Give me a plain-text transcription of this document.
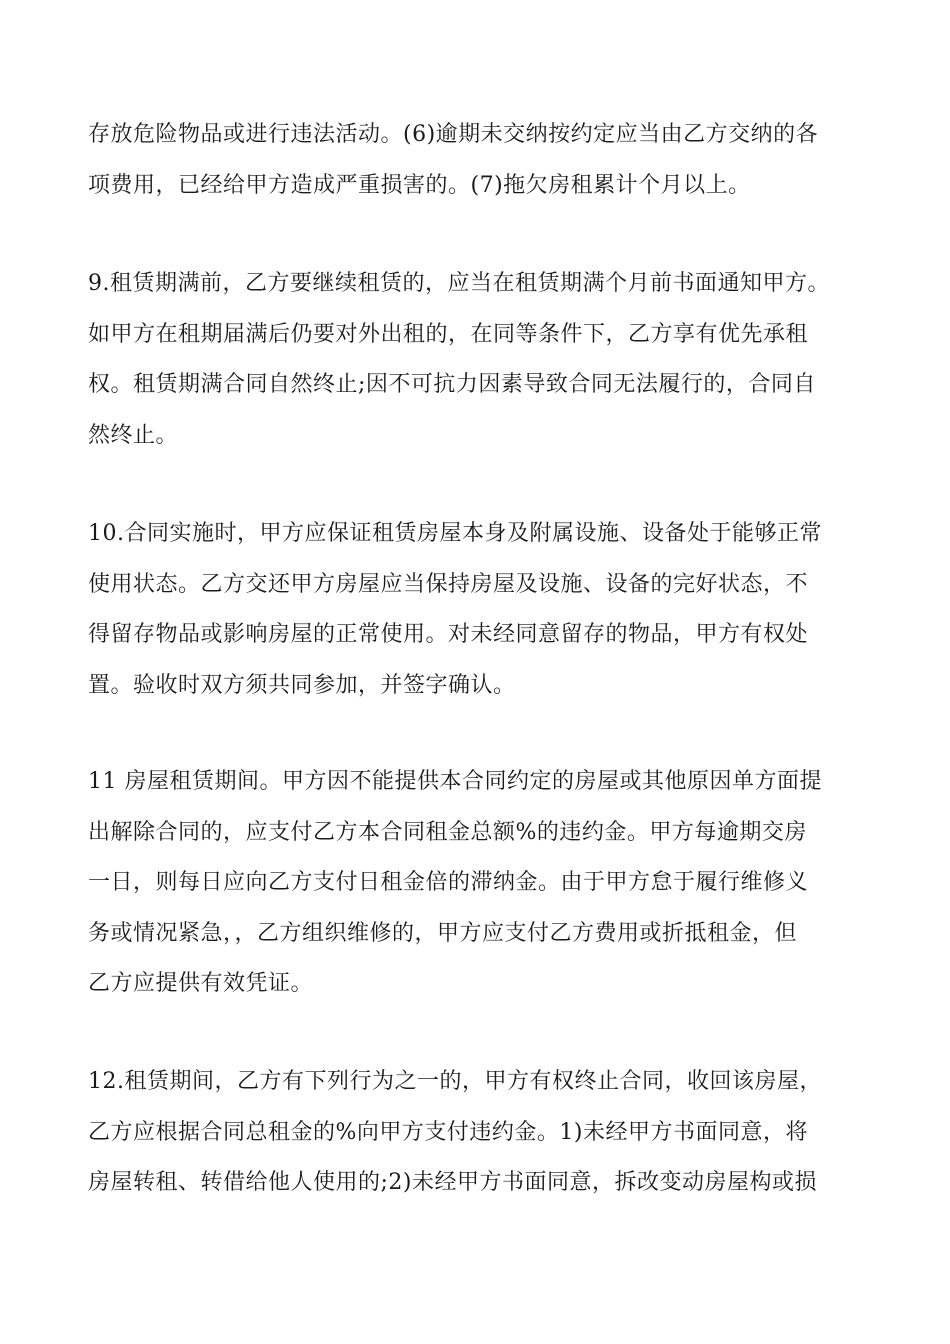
存放危险物品或进行违法活动。(6)逾期未交纳按约定应当由乙方交纳的各
项费用，已经给甲方造成严重损害的。(7)拖欠房租累计个月以上。
9.租赁期满前，乙方要继续租赁的，应当在租赁期满个月前书面通知甲方。
如甲方在租期届满后仍要对外出租的，在同等条件下，乙方享有优先承租
权。租赁期满合同自然终止;因不可抗力因素导致合同无法履行的，合同自
然终止。
10.合同实施时，甲方应保证租赁房屋本身及附属设施、设备处于能够正常
使用状态。乙方交还甲方房屋应当保持房屋及设施、设备的完好状态，不
得留存物品或影响房屋的正常使用。对未经同意留存的物品，甲方有权处
置。验收时双方须共同参加，并签字确认。
11 房屋租赁期间。甲方因不能提供本合同约定的房屋或其他原因单方面提
出解除合同的，应支付乙方本合同租金总额%的违约金。甲方每逾期交房
一日，则每日应向乙方支付日租金倍的滞纳金。由于甲方怠于履行维修义
务或情况紧急，，乙方组织维修的，甲方应支付乙方费用或折抵租金，但
乙方应提供有效凭证。
12.租赁期间，乙方有下列行为之一的，甲方有权终止合同，收回该房屋，
乙方应根据合同总租金的%向甲方支付违约金。1)未经甲方书面同意，将
房屋转租、转借给他人使用的;2)未经甲方书面同意，拆改变动房屋构或损
